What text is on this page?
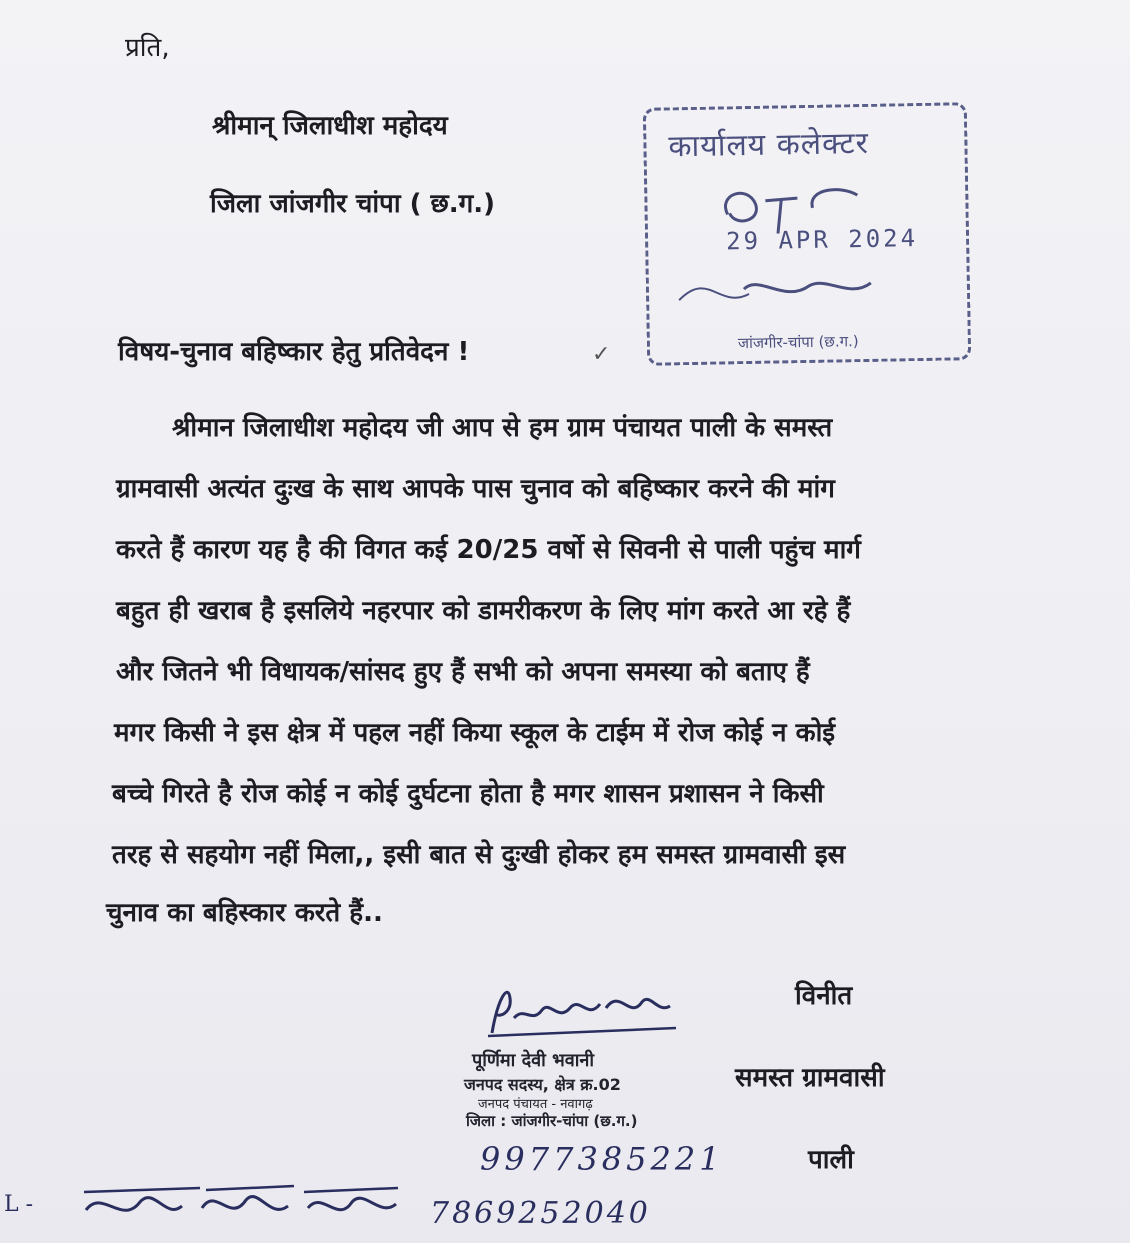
प्रति,
श्रीमान् जिलाधीश महोदय
जिला जांजगीर चांपा ( छ.ग.)
कार्यालय कलेक्टर
29 APR 2024
जांजगीर-चांपा (छ.ग.)
विषय-चुनाव बहिष्कार हेतु प्रतिवेदन !	✓
श्रीमान जिलाधीश महोदय जी आप से हम ग्राम पंचायत पाली के समस्त
ग्रामवासी अत्यंत दुःख के साथ आपके पास चुनाव को बहिष्कार करने की मांग
करते हैं कारण यह है की विगत कई 20/25 वर्षो से सिवनी से पाली पहुंच मार्ग
बहुत ही खराब है इसलिये नहरपार को डामरीकरण के लिए मांग करते आ रहे हैं
और जितने भी विधायक/सांसद हुए हैं सभी को अपना समस्या को बताए हैं
मगर किसी ने इस क्षेत्र में पहल नहीं किया स्कूल के टाईम में रोज कोई न कोई
बच्चे गिरते है रोज कोई न कोई दुर्घटना होता है मगर शासन प्रशासन ने किसी
तरह से सहयोग नहीं मिला,, इसी बात से दुःखी होकर हम समस्त ग्रामवासी इस
चुनाव का बहिस्कार करते हैं..
विनीत
समस्त ग्रामवासी
पाली
पूर्णिमा देवी भवानी
जनपद सदस्य, क्षेत्र क्र.02
जनपद पंचायत - नवागढ़
जिला : जांजगीर-चांपा (छ.ग.)
9977385221
L -	7869252040
